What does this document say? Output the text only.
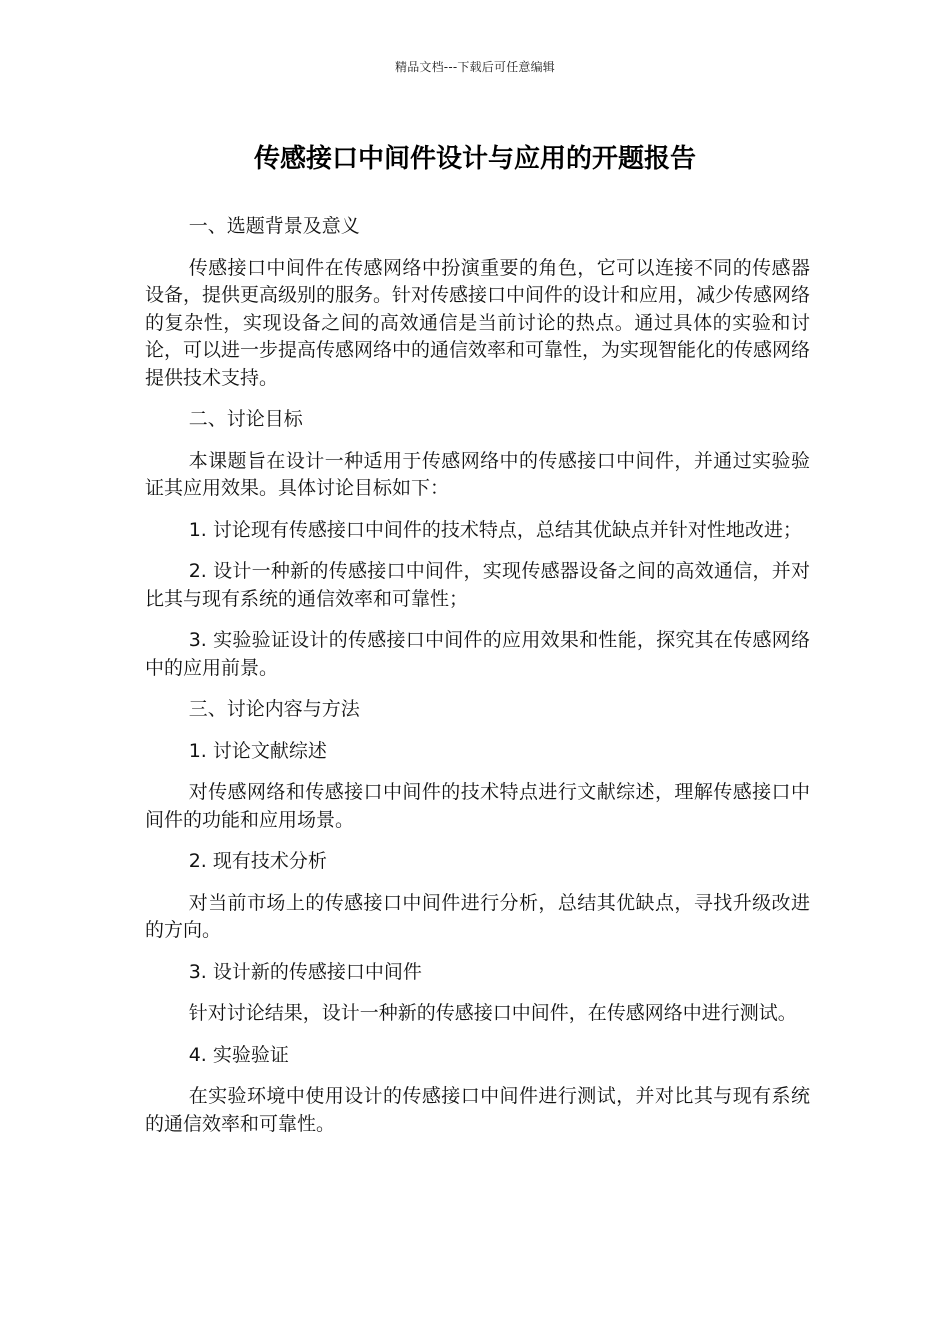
精品文档---下载后可任意编辑
传感接口中间件设计与应用的开题报告

一、选题背景及意义

传感接口中间件在传感网络中扮演重要的角色，它可以连接不同的传感器设备，提供更高级别的服务。针对传感接口中间件的设计和应用，减少传感网络的复杂性，实现设备之间的高效通信是当前讨论的热点。通过具体的实验和讨论，可以进一步提高传感网络中的通信效率和可靠性，为实现智能化的传感网络提供技术支持。

二、讨论目标

本课题旨在设计一种适用于传感网络中的传感接口中间件，并通过实验验证其应用效果。具体讨论目标如下：

1. 讨论现有传感接口中间件的技术特点，总结其优缺点并针对性地改进；

2. 设计一种新的传感接口中间件，实现传感器设备之间的高效通信，并对比其与现有系统的通信效率和可靠性；

3. 实验验证设计的传感接口中间件的应用效果和性能，探究其在传感网络中的应用前景。

三、讨论内容与方法

1. 讨论文献综述

对传感网络和传感接口中间件的技术特点进行文献综述，理解传感接口中间件的功能和应用场景。

2. 现有技术分析

对当前市场上的传感接口中间件进行分析，总结其优缺点，寻找升级改进的方向。

3. 设计新的传感接口中间件

针对讨论结果，设计一种新的传感接口中间件，在传感网络中进行测试。

4. 实验验证

在实验环境中使用设计的传感接口中间件进行测试，并对比其与现有系统的通信效率和可靠性。
